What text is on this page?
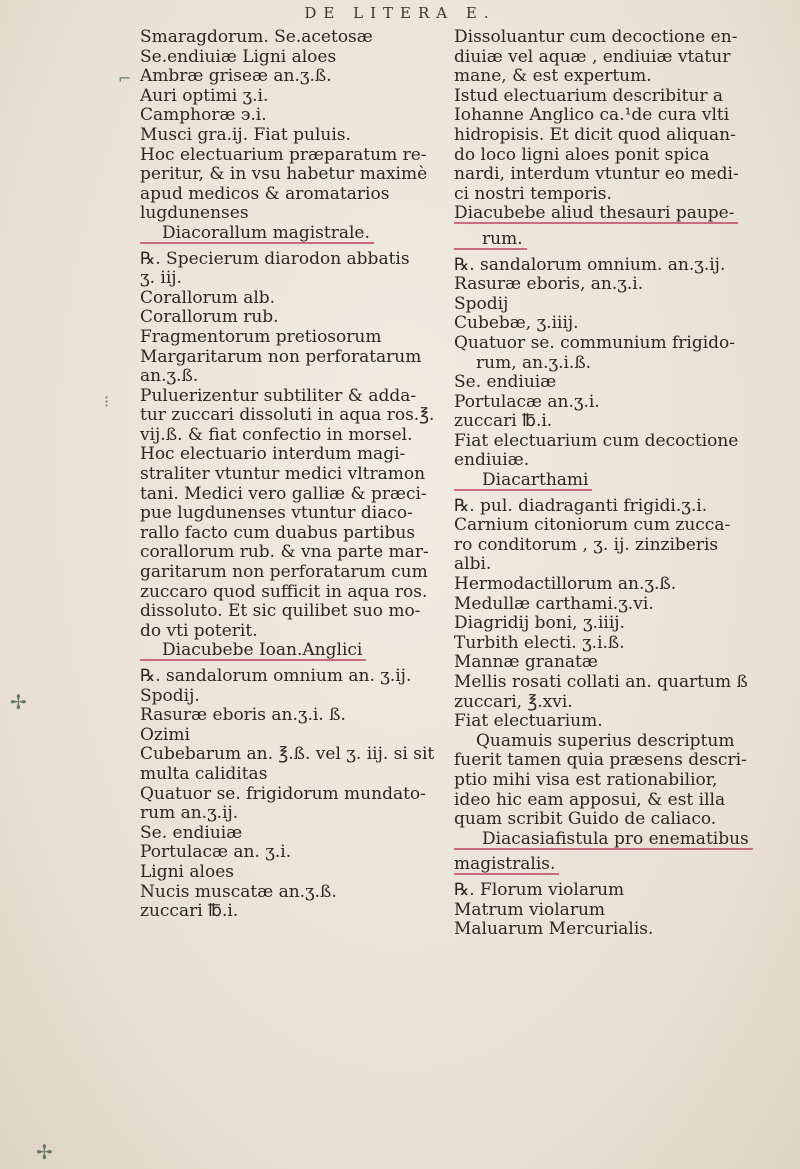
DE LITERA E.
⌐
⁝
✢
✢
Smaragdorum. Se.acetosæ
Se.endiuiæ Ligni aloes
Ambræ griseæ an.ʒ.ß.
Auri optimi ʒ.i.
Camphoræ ϶.i.
Musci gra.ij. Fiat puluis.
Hoc electuarium præparatum re-
peritur, & in vsu habetur maximè
apud medicos & aromatarios
lugdunenses
Diacorallum magistrale.
℞. Specierum diarodon abbatis
ʒ. iij.
Corallorum alb.
Corallorum rub.
Fragmentorum pretiosorum
Margaritarum non perforatarum
an.ʒ.ß.
Puluerizentur subtiliter & adda-
tur zuccari dissoluti in aqua ros.℥.
vij.ß. & fiat confectio in morsel.
Hoc electuario interdum magi-
straliter vtuntur medici vltramon
tani. Medici vero galliæ & præci-
pue lugdunenses vtuntur diaco-
rallo facto cum duabus partibus
corallorum rub. & vna parte mar-
garitarum non perforatarum cum
zuccaro quod sufficit in aqua ros.
dissoluto. Et sic quilibet suo mo-
do vti poterit.
Diacubebe Ioan.Anglici
℞. sandalorum omnium an. ʒ.ij.
Spodij.
Rasuræ eboris an.ʒ.i. ß.
Ozimi
Cubebarum an. ℥.ß. vel ʒ. iij. si sit
multa caliditas
Quatuor se. frigidorum mundato-
rum an.ʒ.ij.
Se. endiuiæ
Portulacæ an. ʒ.i.
Ligni aloes
Nucis muscatæ an.ʒ.ß.
zuccari ℔.i.
Dissoluantur cum decoctione en-
diuiæ vel aquæ , endiuiæ vtatur
mane, & est expertum.
Istud electuarium describitur a
Iohanne Anglico ca.¹de cura vlti
hidropisis. Et dicit quod aliquan-
do loco ligni aloes ponit spica
nardi, interdum vtuntur eo medi-
ci nostri temporis.
Diacubebe aliud thesauri paupe-
rum.
℞. sandalorum omnium. an.ʒ.ij.
Rasuræ eboris, an.ʒ.i.
Spodij
Cubebæ, ʒ.iiij.
Quatuor se. communium frigido-
rum, an.ʒ.i.ß.
Se. endiuiæ
Portulacæ an.ʒ.i.
zuccari ℔.i.
Fiat electuarium cum decoctione
endiuiæ.
Diacarthami
℞. pul. diadraganti frigidi.ʒ.i.
Carnium citoniorum cum zucca-
ro conditorum , ʒ. ij. zinziberis
albi.
Hermodactillorum an.ʒ.ß.
Medullæ carthami.ʒ.vi.
Diagridij boni, ʒ.iiij.
Turbith electi. ʒ.i.ß.
Mannæ granatæ
Mellis rosati collati an. quartum ß
zuccari, ℥.xvi.
Fiat electuarium.
Quamuis superius descriptum
fuerit tamen quia præsens descri-
ptio mihi visa est rationabilior,
ideo hic eam apposui, & est illa
quam scribit Guido de caliaco.
Diacasiafistula pro enematibus
magistralis.
℞. Florum violarum
Matrum violarum
Maluarum Mercurialis.
